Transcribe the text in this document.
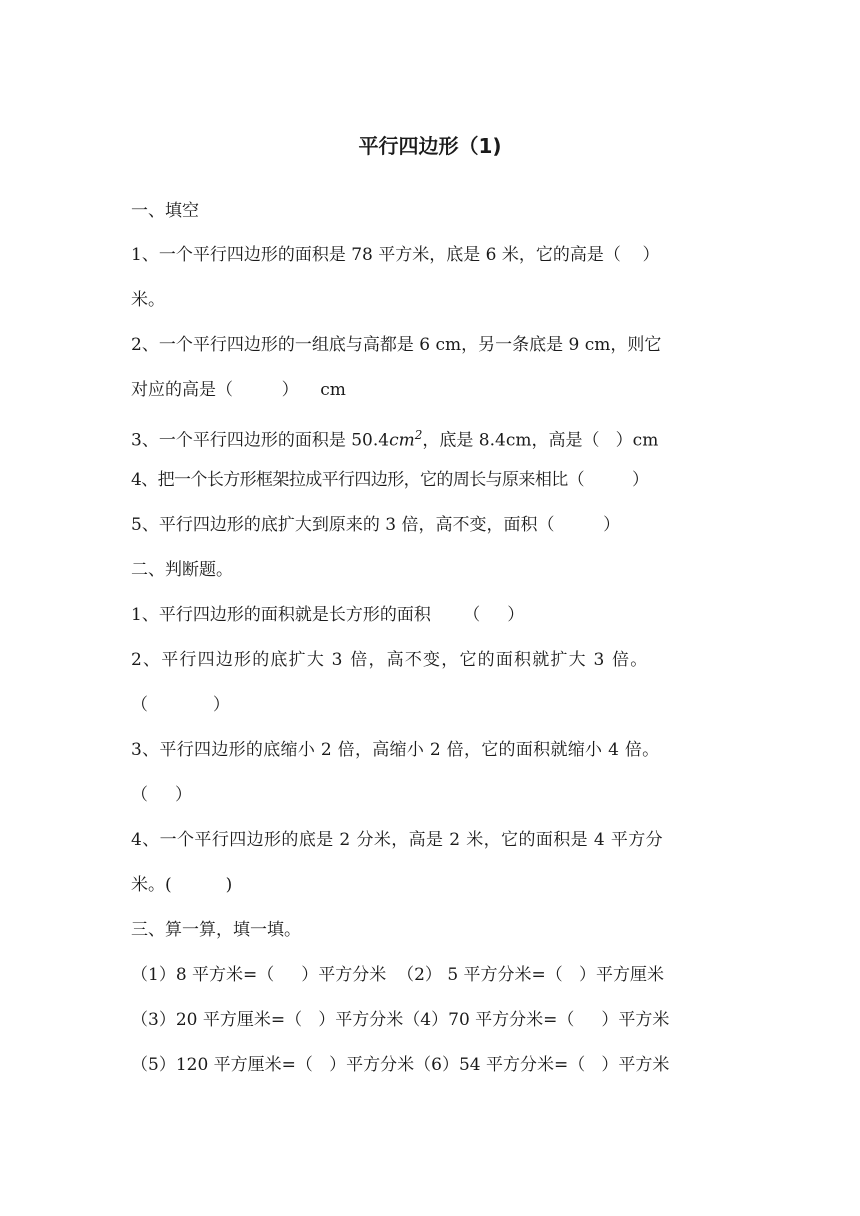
平行四边形（1)
一、填空
1、一个平行四边形的面积是 78 平方米，底是 6 米，它的高是（    ）
米。
2、一个平行四边形的一组底与高都是 6 cm，另一条底是 9 cm，则它
对应的高是（         ）    cm
3、一个平行四边形的面积是 $50.4cm^2$，底是 8.4cm，高是（   ）cm
4、把一个长方形框架拉成平行四边形，它的周长与原来相比（          ）
5、平行四边形的底扩大到原来的 3 倍，高不变，面积（         ）
二、判断题。
1、平行四边形的面积就是长方形的面积      （     ）
2、平行四边形的底扩大 3 倍，高不变，它的面积就扩大 3 倍。
（            ）
3、平行四边形的底缩小 2 倍，高缩小 2 倍，它的面积就缩小 4 倍。
（     ）
4、一个平行四边形的底是 2 分米，高是 2 米，它的面积是 4 平方分
米。(          )
三、算一算，填一填。
（1）8 平方米=（     ）平方分米  （2） 5 平方分米=（   ）平方厘米
（3）20 平方厘米=（   ）平方分米（4）70 平方分米=（     ）平方米
（5）120 平方厘米=（   ）平方分米（6）54 平方分米=（   ）平方米
